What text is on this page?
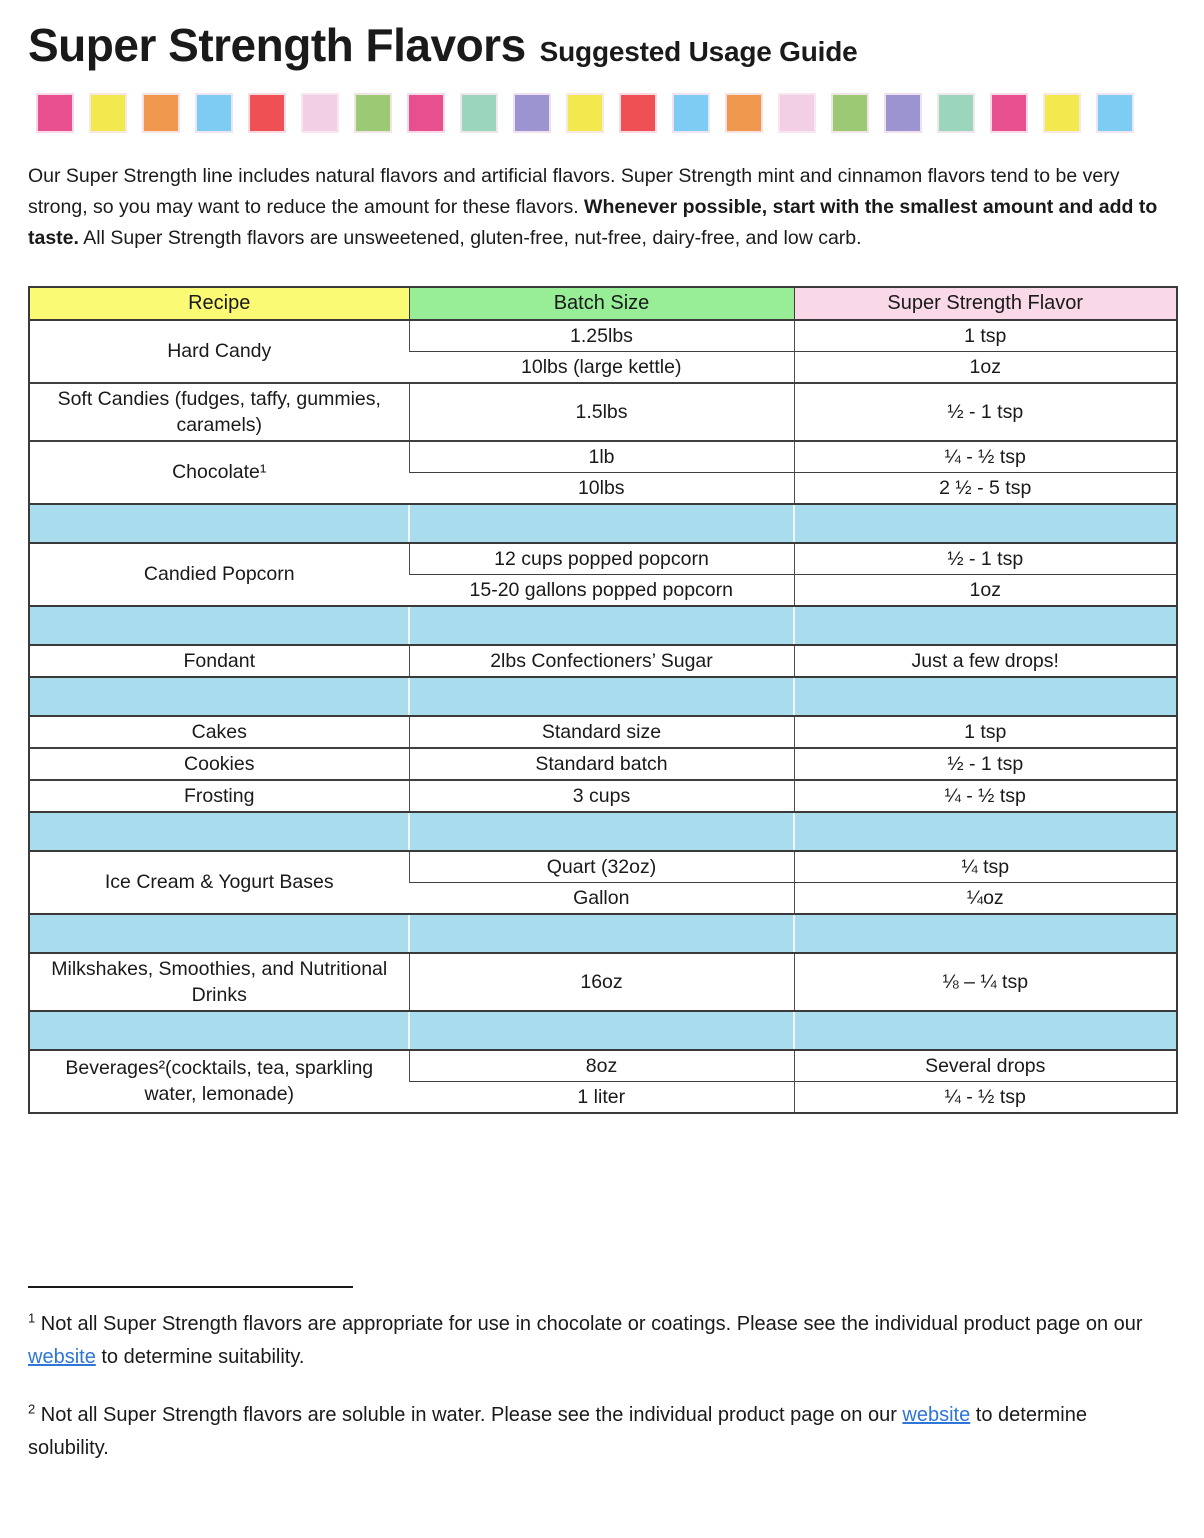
Super Strength Flavors Suggested Usage Guide

Our Super Strength line includes natural flavors and artificial flavors. Super Strength mint and cinnamon flavors tend to be very strong, so you may want to reduce the amount for these flavors. Whenever possible, start with the smallest amount and add to taste. All Super Strength flavors are unsweetened, gluten-free, nut-free, dairy-free, and low carb.

Recipe	Batch Size	Super Strength Flavor
Hard Candy	1.25lbs	1 tsp
	10lbs (large kettle)	1oz
Soft Candies (fudges, taffy, gummies, caramels)	1.5lbs	½ - 1 tsp
Chocolate¹	1lb	¼ - ½ tsp
	10lbs	2 ½ - 5 tsp

Candied Popcorn	12 cups popped popcorn	½ - 1 tsp
	15-20 gallons popped popcorn	1oz

Fondant	2lbs Confectioners’ Sugar	Just a few drops!

Cakes	Standard size	1 tsp
Cookies	Standard batch	½ - 1 tsp
Frosting	3 cups	¼ - ½ tsp

Ice Cream & Yogurt Bases	Quart (32oz)	¼ tsp
	Gallon	¼oz

Milkshakes, Smoothies, and Nutritional Drinks	16oz	⅛ – ¼ tsp

Beverages²(cocktails, tea, sparkling water, lemonade)	8oz	Several drops
	1 liter	¼ - ½ tsp

$^1$ Not all Super Strength flavors are appropriate for use in chocolate or coatings. Please see the individual product page on our website to determine suitability.

$^2$ Not all Super Strength flavors are soluble in water. Please see the individual product page on our website to determine solubility.
